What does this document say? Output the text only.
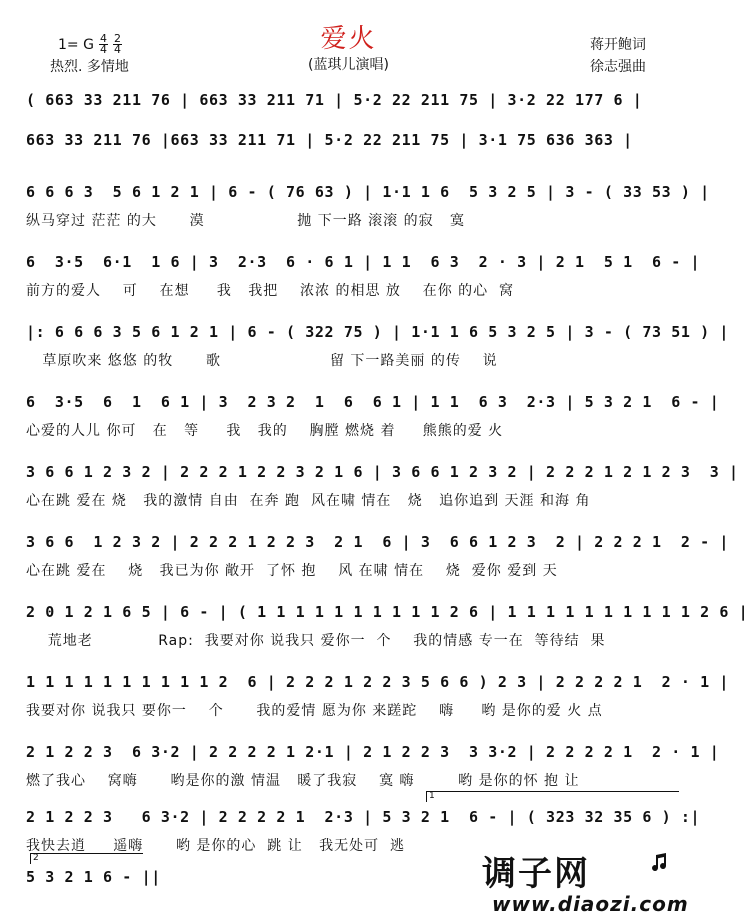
爱火
(蓝琪儿演唱)
1= G $\frac{4}{4} \frac{2}{4}$
热烈. 多情地
蒋开鲍词
徐志强曲
( 663 33 211 76 | 663 33 211 71 | 5·2 22 211 75 | 3·2 22 177 6 |
663 33 211 76 |663 33 211 71 | 5·2 22 211 75 | 3·1 75 636 363 |
6 6 6 3  5 6 1 2 1 | 6 - ( 76 63 ) | 1·1 1 6  5 3 2 5 | 3 - ( 33 53 ) |
纵马穿过 茫茫 的大      漠                 抛 下一路 滚滚 的寂   寞
6  3·5  6·1  1 6 | 3  2·3  6 · 6 1 | 1 1  6 3  2 · 3 | 2 1  5 1  6 - |
前方的爱人    可    在想     我   我把    浓浓 的相思 放    在你 的心  窝
|: 6 6 6 3 5 6 1 2 1 | 6 - ( 322 75 ) | 1·1 1 6 5 3 2 5 | 3 - ( 73 51 ) |
草原吹来 悠悠 的牧      歌                    留 下一路美丽 的传    说
6  3·5  6  1  6 1 | 3  2 3 2  1  6  6 1 | 1 1  6 3  2·3 | 5 3 2 1  6 - |
心爱的人儿 你可   在   等     我   我的    胸膛 燃烧 着     熊熊的爱 火
3 6 6 1 2 3 2 | 2 2 2 1 2 2 3 2 1 6 | 3 6 6 1 2 3 2 | 2 2 2 1 2 1 2 3  3 |
心在跳 爱在 烧   我的激情 自由  在奔 跑  风在啸 情在   烧   追你追到 天涯 和海 角
3 6 6  1 2 3 2 | 2 2 2 1 2 2 3  2 1  6 | 3  6 6 1 2 3  2 | 2 2 2 1  2 - |
心在跳 爱在    烧   我已为你 敞开  了怀 抱    风 在啸 情在    烧  爱你 爱到 天
2 0 1 2 1 6 5 | 6 - | ( 1 1 1 1 1 1 1 1 1 1 2 6 | 1 1 1 1 1 1 1 1 1 1 2 6 |
荒地老            Rap:  我要对你 说我只 爱你一  个    我的情感 专一在  等待结  果
1 1 1 1 1 1 1 1 1 1 2  6 | 2 2 2 1 2 2 3 5 6 6 ) 2 3 | 2 2 2 2 1  2 · 1 |
我要对你 说我只 要你一    个      我的爱情 愿为你 来蹉跎    嗨     哟 是你的爱 火 点
2 1 2 2 3  6 3·2 | 2 2 2 2 1 2·1 | 2 1 2 2 3  3 3·2 | 2 2 2 2 1  2 · 1 |
燃了我心    窝嗨      哟是你的激 情温   暖了我寂    寞 嗨        哟 是你的怀 抱 让
1
2 1 2 2 3   6 3·2 | 2 2 2 2 1  2·3 | 5 3 2 1  6 - | ( 323 32 35 6 ) :|
我快去逍     遥嗨      哟 是你的心  跳 让   我无处可  逃
2
5 3 2 1 6 - ||	调子网
www.diaozi.com
